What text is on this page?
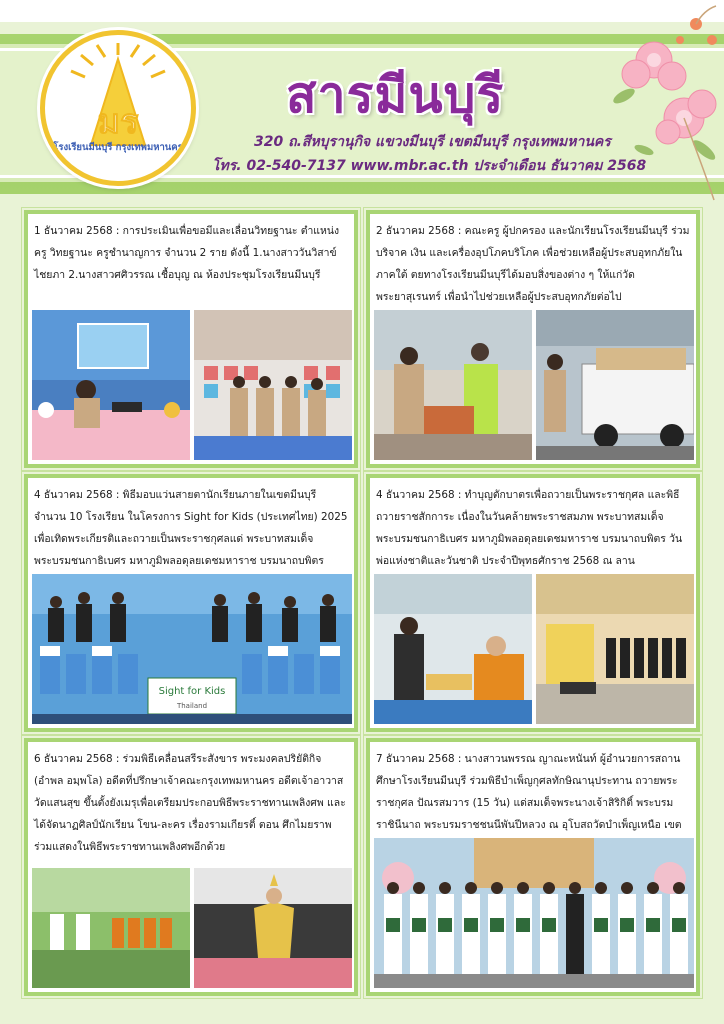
มร
โรงเรียนมีนบุรี กรุงเทพมหานคร
สารมีนบุรี
320 ถ.สีหบุรานุกิจ แขวงมีนบุรี เขตมีนบุรี กรุงเทพมหานคร
โทร. 02-540-7137 www.mbr.ac.th ประจำเดือน ธันวาคม 2568
1 ธันวาคม 2568 : การประเมินเพื่อขอมีและเลื่อนวิทยฐานะ ตำแหน่งครู วิทยฐานะ ครูชำนาญการ จำนวน 2 ราย ดังนี้ 1.นางสาววันวิสาข์ ไชยภา 2.นางสาวศศิวรรณ เชื้อบุญ ณ ห้องประชุมโรงเรียนมีนบุรี
2 ธันวาคม 2568 : คณะครู ผู้ปกครอง และนักเรียนโรงเรียนมีนบุรี ร่วมบริจาค เงิน และเครื่องอุปโภคบริโภค เพื่อช่วยเหลือผู้ประสบอุทกภัยในภาคใต้ ตยทางโรงเรียนมีนบุรีได้มอบสิ่งของต่าง ๆ ให้แก่วัดพระยาสุเรนทร์ เพื่อนำไปช่วยเหลือผู้ประสบอุทกภัยต่อไป
4 ธันวาคม 2568 : พิธีมอบแว่นสายตานักเรียนภายในเขตมีนบุรี จำนวน 10 โรงเรียน ในโครงการ Sight for Kids (ประเทศไทย) 2025 เพื่อเทิดพระเกียรติและถวายเป็นพระราชกุศลแด่ พระบาทสมเด็จพระบรมชนกาธิเบศร มหาภูมิพลอดุลยเดชมหาราช บรมนาถบพิตร
Sight for Kids
Thailand
4 ธันวาคม 2568 : ทำบุญตักบาตรเพื่อถวายเป็นพระราชกุศล และพิธีถวายราชสักการะ เนื่องในวันคล้ายพระราชสมภพ พระบาทสมเด็จพระบรมชนกาธิเบศร มหาภูมิพลอดุลยเดชมหาราช บรมนาถบพิตร วันพ่อแห่งชาติและวันชาติ ประจำปีพุทธศักราช 2568 ณ ลาน
6 ธันวาคม 2568 : ร่วมพิธีเคลื่อนสรีระสังขาร พระมงคลปริยัติกิจ (อำพล อมฺพโล) อดีตที่ปรึกษาเจ้าคณะกรุงเทพมหานคร อดีตเจ้าอาวาสวัดแสนสุข ขึ้นตั้งยังเมรุเพื่อเตรียมประกอบพิธีพระราชทานเพลิงศพ และได้จัดนาฏศิลป์นักเรียน โขน-ละคร เรื่องรามเกียรติ์ ตอน ศึกไมยราพ ร่วมแสดงในพิธีพระราชทานเพลิงศพอีกด้วย
7 ธันวาคม 2568 : นางสาวนพรรณ ญาณะหนันท์ ผู้อำนวยการสถานศึกษาโรงเรียนมีนบุรี ร่วมพิธีบำเพ็ญกุศลทักษิณานุประทาน ถวายพระราชกุศล ปัณรสมวาร (15 วัน) แด่สมเด็จพระนางเจ้าสิริกิติ์ พระบรมราชินีนาถ พระบรมราชชนนีพันปีหลวง ณ อุโบสถวัดบำเพ็ญเหนือ เขต
